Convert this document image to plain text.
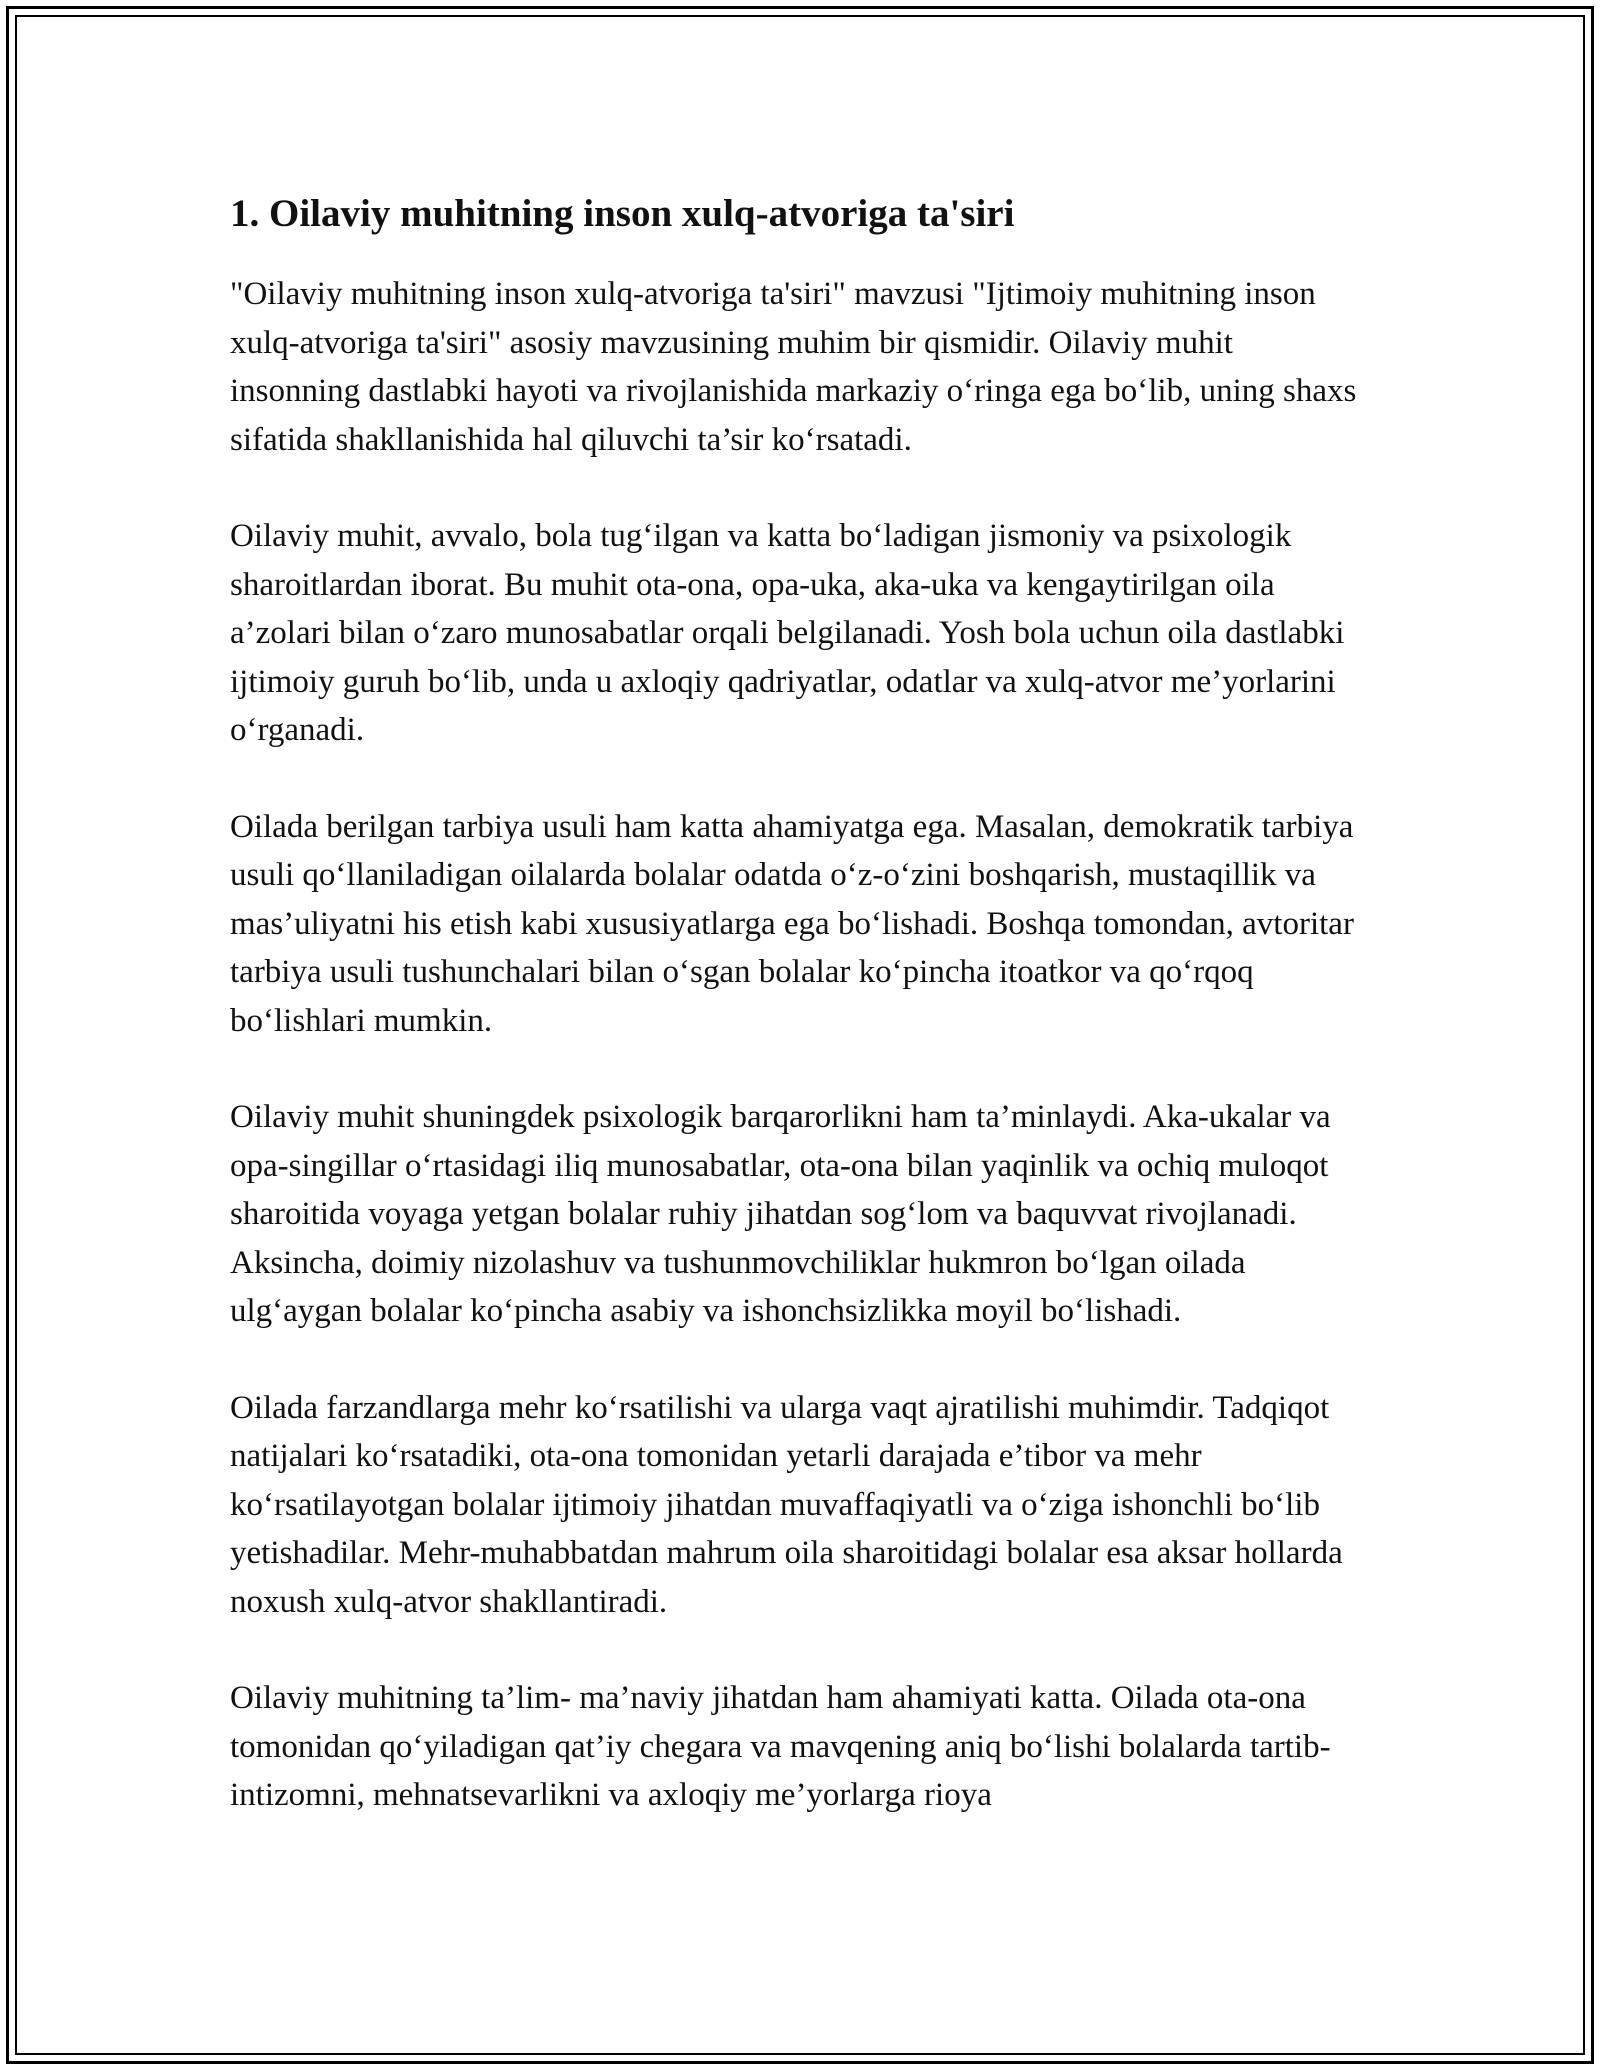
1. Oilaviy muhitning inson xulq-atvoriga ta'siri

"Oilaviy muhitning inson xulq-atvoriga ta'siri" mavzusi "Ijtimoiy muhitning inson xulq-atvoriga ta'siri" asosiy mavzusining muhim bir qismidir. Oilaviy muhit insonning dastlabki hayoti va rivojlanishida markaziy o‘ringa ega bo‘lib, uning shaxs sifatida shakllanishida hal qiluvchi ta’sir ko‘rsatadi.

Oilaviy muhit, avvalo, bola tug‘ilgan va katta bo‘ladigan jismoniy va psixologik sharoitlardan iborat. Bu muhit ota-ona, opa-uka, aka-uka va kengaytirilgan oila a’zolari bilan o‘zaro munosabatlar orqali belgilanadi. Yosh bola uchun oila dastlabki ijtimoiy guruh bo‘lib, unda u axloqiy qadriyatlar, odatlar va xulq-atvor me’yorlarini o‘rganadi.

Oilada berilgan tarbiya usuli ham katta ahamiyatga ega. Masalan, demokratik tarbiya usuli qo‘llaniladigan oilalarda bolalar odatda o‘z-o‘zini boshqarish, mustaqillik va mas’uliyatni his etish kabi xususiyatlarga ega bo‘lishadi. Boshqa tomondan, avtoritar tarbiya usuli tushunchalari bilan o‘sgan bolalar ko‘pincha itoatkor va qo‘rqoq bo‘lishlari mumkin.

Oilaviy muhit shuningdek psixologik barqarorlikni ham ta’minlaydi. Aka-ukalar va opa-singillar o‘rtasidagi iliq munosabatlar, ota-ona bilan yaqinlik va ochiq muloqot sharoitida voyaga yetgan bolalar ruhiy jihatdan sog‘lom va baquvvat rivojlanadi. Aksincha, doimiy nizolashuv va tushunmovchiliklar hukmron bo‘lgan oilada ulg‘aygan bolalar ko‘pincha asabiy va ishonchsizlikka moyil bo‘lishadi.

Oilada farzandlarga mehr ko‘rsatilishi va ularga vaqt ajratilishi muhimdir. Tadqiqot natijalari ko‘rsatadiki, ota-ona tomonidan yetarli darajada e’tibor va mehr ko‘rsatilayotgan bolalar ijtimoiy jihatdan muvaffaqiyatli va o‘ziga ishonchli bo‘lib yetishadilar. Mehr-muhabbatdan mahrum oila sharoitidagi bolalar esa aksar hollarda noxush xulq-atvor shakllantiradi.

Oilaviy muhitning ta’lim- ma’naviy jihatdan ham ahamiyati katta. Oilada ota-ona tomonidan qo‘yiladigan qat’iy chegara va mavqening aniq bo‘lishi bolalarda tartib-intizomni, mehnatsevarlikni va axloqiy me’yorlarga rioya
